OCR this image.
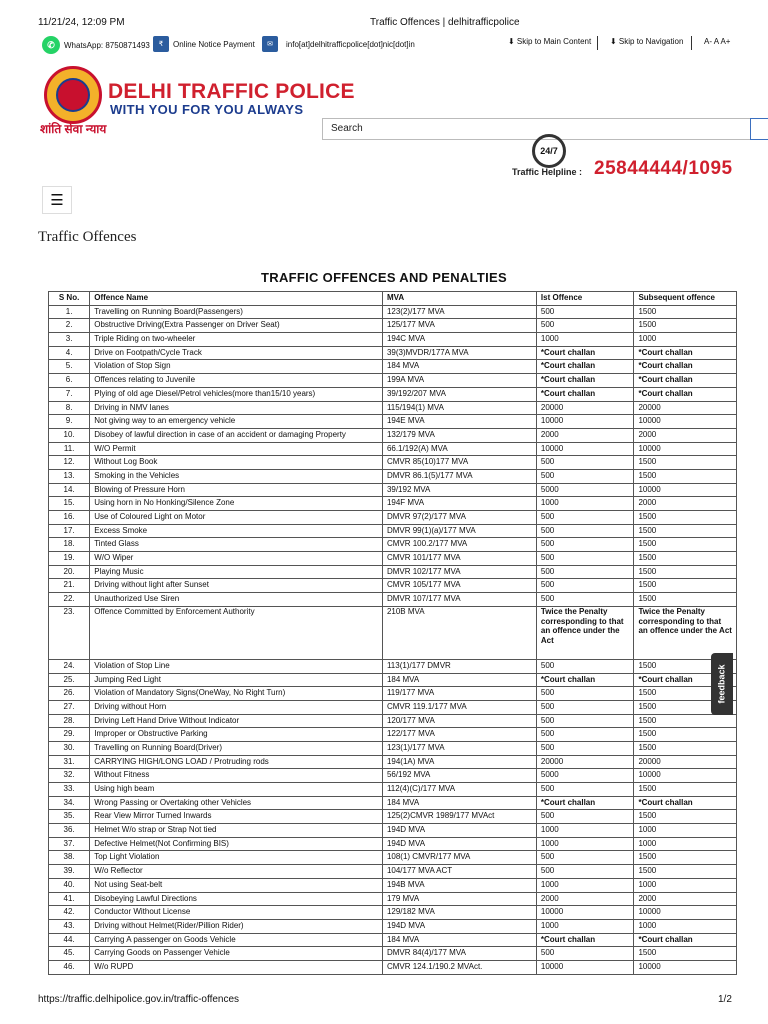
11/21/24, 12:09 PM	Traffic Offences | delhitrafficpolice
✆	WhatsApp: 8750871493	₹	Online Notice Payment	✉	info[at]delhitrafficpolice[dot]nic[dot]in	⬇ Skip to Main Content ⬇ Skip to Navigation	A- A A+
DELHI TRAFFIC POLICE
WITH YOU FOR YOU ALWAYS
शांति सेवा न्याय	Search
24/7
Traffic Helpline : 25844444/1095
☰
Traffic Offences
TRAFFIC OFFENCES AND PENALTIES
S No.	Offence Name	MVA	Ist Offence	Subsequent offence
1.	Travelling on Running Board(Passengers)	123(2)/177 MVA	500	1500
2.	Obstructive Driving(Extra Passenger on Driver Seat)	125/177 MVA	500	1500
3.	Triple Riding on two-wheeler	194C MVA	1000	1000
4.	Drive on Footpath/Cycle Track	39(3)MVDR/177A MVA	*Court challan	*Court challan
5.	Violation of Stop Sign	184 MVA	*Court challan	*Court challan
6.	Offences relating to Juvenile	199A MVA	*Court challan	*Court challan
7.	Plying of old age Diesel/Petrol vehicles(more than15/10 years)	39/192/207 MVA	*Court challan	*Court challan
8.	Driving in NMV lanes	115/194(1) MVA	20000	20000
9.	Not giving way to an emergency vehicle	194E MVA	10000	10000
10.	Disobey of lawful direction in case of an accident or damaging Property	132/179 MVA	2000	2000
11.	W/O Permit	66.1/192(A) MVA	10000	10000
12.	Without Log Book	CMVR 85(10)177 MVA	500	1500
13.	Smoking in the Vehicles	DMVR 86.1(5)/177 MVA	500	1500
14.	Blowing of Pressure Horn	39/192 MVA	5000	10000
15.	Using horn in No Honking/Silence Zone	194F MVA	1000	2000
16.	Use of Coloured Light on Motor	DMVR 97(2)/177 MVA	500	1500
17.	Excess Smoke	DMVR 99(1)(a)/177 MVA	500	1500
18.	Tinted Glass	CMVR 100.2/177 MVA	500	1500
19.	W/O Wiper	CMVR 101/177 MVA	500	1500
20.	Playing Music	DMVR 102/177 MVA	500	1500
21.	Driving without light after Sunset	CMVR 105/177 MVA	500	1500
22.	Unauthorized Use Siren	DMVR 107/177 MVA	500	1500
23.	Offence Committed by Enforcement Authority	210B MVA	Twice the Penalty corresponding to that an offence under the Act	Twice the Penalty corresponding to that an offence under the Act
24.	Violation of Stop Line	113(1)/177 DMVR	500	1500
25.	Jumping Red Light	184 MVA	*Court challan	*Court challan
26.	Violation of Mandatory Signs(OneWay, No Right Turn)	119/177 MVA	500	1500
27.	Driving without Horn	CMVR 119.1/177 MVA	500	1500
28.	Driving Left Hand Drive Without Indicator	120/177 MVA	500	1500
29.	Improper or Obstructive Parking	122/177 MVA	500	1500
30.	Travelling on Running Board(Driver)	123(1)/177 MVA	500	1500
31.	CARRYING HIGH/LONG LOAD / Protruding rods	194(1A) MVA	20000	20000
32.	Without Fitness	56/192 MVA	5000	10000
33.	Using high beam	112(4)(C)/177 MVA	500	1500
34.	Wrong Passing or Overtaking other Vehicles	184 MVA	*Court challan	*Court challan
35.	Rear View Mirror Turned Inwards	125(2)CMVR 1989/177 MVAct	500	1500
36.	Helmet W/o strap or Strap Not tied	194D MVA	1000	1000
37.	Defective Helmet(Not Confirming BIS)	194D MVA	1000	1000
38.	Top Light Violation	108(1) CMVR/177 MVA	500	1500
39.	W/o Reflector	104/177 MVA ACT	500	1500
40.	Not using Seat-belt	194B MVA	1000	1000
41.	Disobeying Lawful Directions	179 MVA	2000	2000
42.	Conductor Without License	129/182 MVA	10000	10000
43.	Driving without Helmet(Rider/Pillion Rider)	194D MVA	1000	1000
44.	Carrying A passenger on Goods Vehicle	184 MVA	*Court challan	*Court challan
45.	Carrying Goods on Passenger Vehicle	DMVR 84(4)/177 MVA	500	1500
46.	W/o RUPD	CMVR 124.1/190.2 MVAct.	10000	10000
feedback
https://traffic.delhipolice.gov.in/traffic-offences	1/2
